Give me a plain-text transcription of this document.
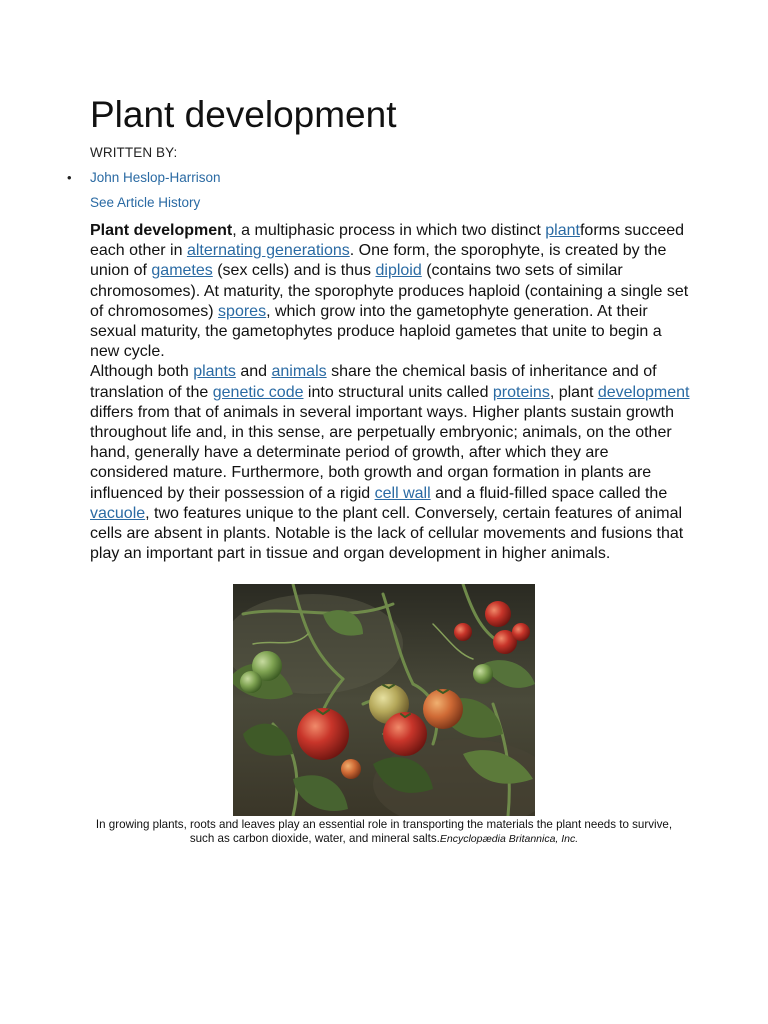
Plant development
WRITTEN BY:
• John Heslop-Harrison
See Article History

Plant development, a multiphasic process in which two distinct plantforms succeed each other in alternating generations. One form, the sporophyte, is created by the union of gametes (sex cells) and is thus diploid (contains two sets of similar chromosomes). At maturity, the sporophyte produces haploid (containing a single set of chromosomes) spores, which grow into the gametophyte generation. At their sexual maturity, the gametophytes produce haploid gametes that unite to begin a new cycle.

Although both plants and animals share the chemical basis of inheritance and of translation of the genetic code into structural units called proteins, plant development differs from that of animals in several important ways. Higher plants sustain growth throughout life and, in this sense, are perpetually embryonic; animals, on the other hand, generally have a determinate period of growth, after which they are considered mature. Furthermore, both growth and organ formation in plants are influenced by their possession of a rigid cell wall and a fluid-filled space called the vacuole, two features unique to the plant cell. Conversely, certain features of animal cells are absent in plants. Notable is the lack of cellular movements and fusions that play an important part in tissue and organ development in higher animals.

In growing plants, roots and leaves play an essential role in transporting the materials the plant needs to survive, such as carbon dioxide, water, and mineral salts.Encyclopædia Britannica, Inc.
